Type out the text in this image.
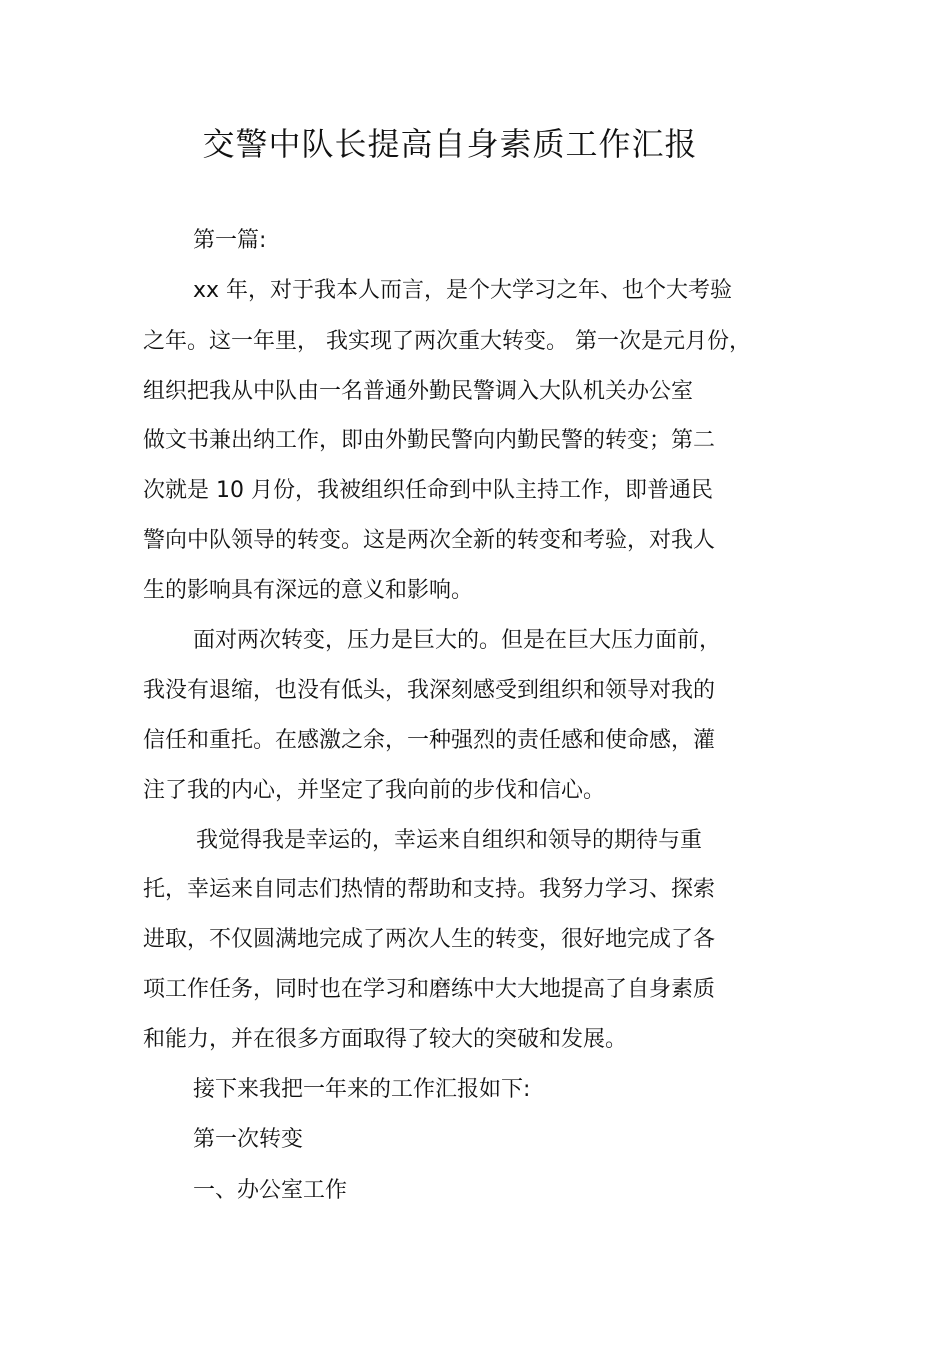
交警中队长提高自身素质工作汇报
第一篇:
xx 年，对于我本人而言，是个大学习之年、也个大考验
之年。这一年里， 我实现了两次重大转变。 第一次是元月份，
组织把我从中队由一名普通外勤民警调入大队机关办公室
做文书兼出纳工作，即由外勤民警向内勤民警的转变；第二
次就是 10 月份，我被组织任命到中队主持工作，即普通民
警向中队领导的转变。这是两次全新的转变和考验，对我人
生的影响具有深远的意义和影响。
面对两次转变，压力是巨大的。但是在巨大压力面前，
我没有退缩，也没有低头，我深刻感受到组织和领导对我的
信任和重托。在感激之余，一种强烈的责任感和使命感，灌
注了我的内心，并坚定了我向前的步伐和信心。
我觉得我是幸运的，幸运来自组织和领导的期待与重
托，幸运来自同志们热情的帮助和支持。我努力学习、探索
进取，不仅圆满地完成了两次人生的转变，很好地完成了各
项工作任务，同时也在学习和磨练中大大地提高了自身素质
和能力，并在很多方面取得了较大的突破和发展。
接下来我把一年来的工作汇报如下:
第一次转变
一、办公室工作
